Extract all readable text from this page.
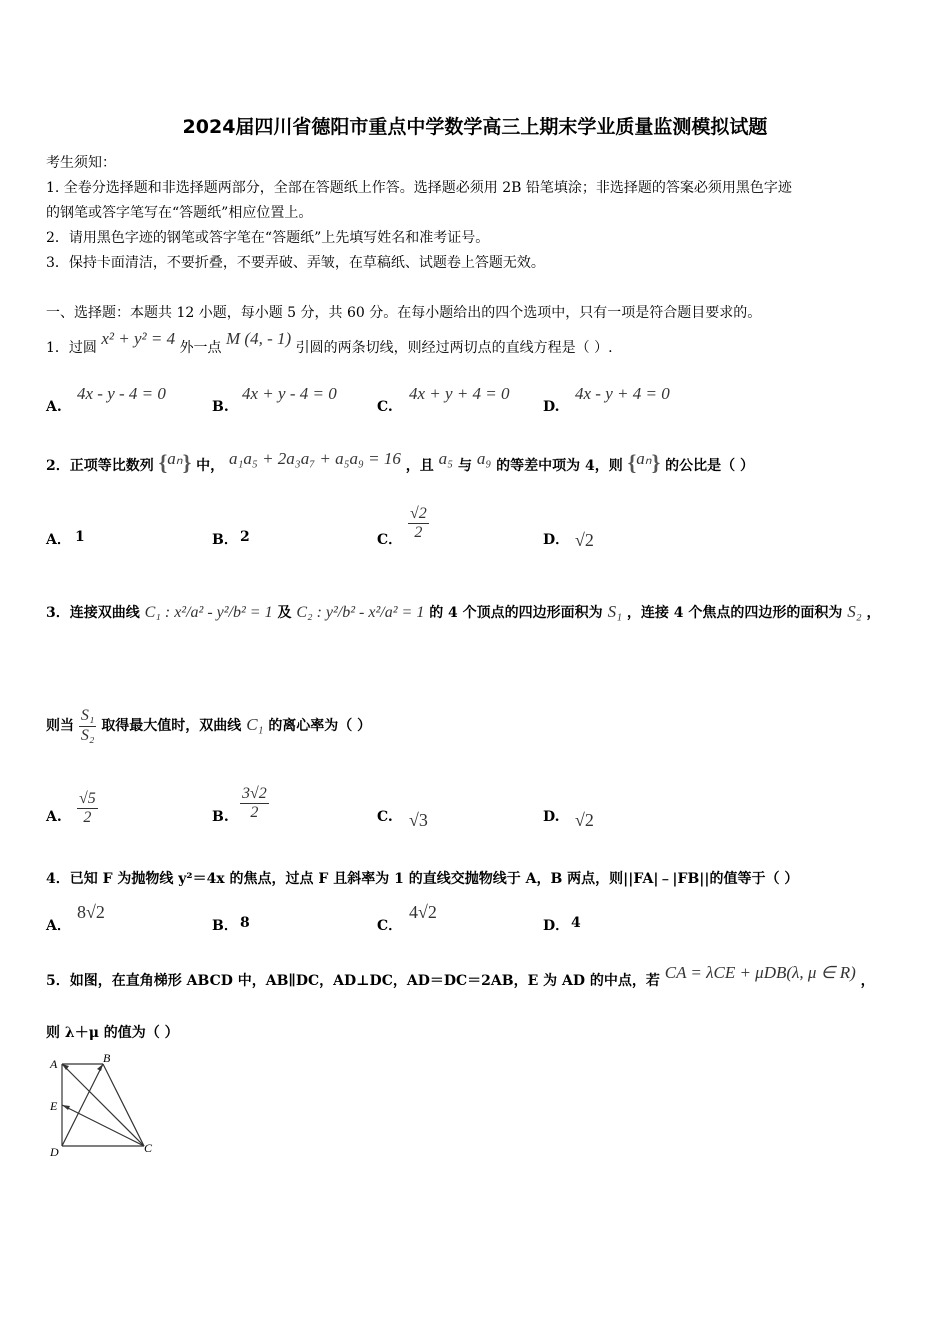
2024届四川省德阳市重点中学数学高三上期末学业质量监测模拟试题
考生须知：
1. 全卷分选择题和非选择题两部分，全部在答题纸上作答。选择题必须用 2B 铅笔填涂；非选择题的答案必须用黑色字迹
的钢笔或答字笔写在“答题纸”相应位置上。
2．请用黑色字迹的钢笔或答字笔在“答题纸”上先填写姓名和准考证号。
3．保持卡面清洁，不要折叠，不要弄破、弄皱，在草稿纸、试题卷上答题无效。
一、选择题：本题共 12 小题，每小题 5 分，共 60 分。在每小题给出的四个选项中，只有一项是符合题目要求的。
1．过圆 x² + y² = 4 外一点 M (4, - 1) 引圆的两条切线，则经过两切点的直线方程是（ ）.
A.
4x - y - 4 = 0
B.
4x + y - 4 = 0
C.
4x + y + 4 = 0
D.
4x - y + 4 = 0
2．正项等比数列 {aₙ} 中， a₁a₅ + 2a₃a₇ + a₅a₉ = 16 ，且 a₅ 与 a₉ 的等差中项为 4，则 {aₙ} 的公比是（ ）
A． 1	B． 2	C． $\frac{√2}{2}$	D． √2
3．连接双曲线 C₁ : x²/a² - y²/b² = 1 及 C₂ : y²/b² - x²/a² = 1 的 4 个顶点的四边形面积为 S₁ ，连接 4 个焦点的四边形的面积为 S₂ ，
则当 $\frac{\text{S₁}}{\text{S₂}}$ 取得最大值时，双曲线 C₁ 的离心率为（ ）
A. $\frac{√5}{2}$	B. $\frac{3√2}{2}$	C. √3	D. √2
4．已知 F 为抛物线 y²＝4x 的焦点，过点 F 且斜率为 1 的直线交抛物线于 A，B 两点，则||FA|﹣|FB||的值等于（ ）
A．
8√2
B． 8	C．
4√2
D． 4
5．如图，在直角梯形 ABCD 中，AB∥DC，AD⊥DC，AD＝DC＝2AB，E 为 AD 的中点，若 CA = λCE + μDB(λ, μ ∈ R) ，
则 λ＋μ 的值为（ ）
A	B
E
D	C
